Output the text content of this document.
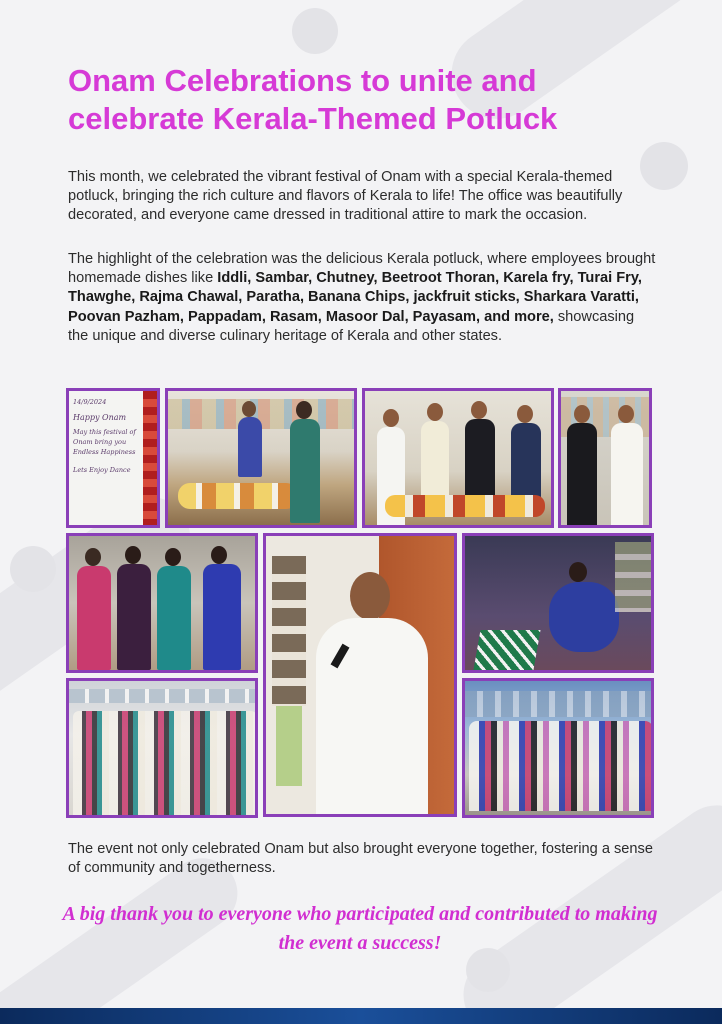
Onam Celebrations to unite and celebrate Kerala-Themed Potluck

This month, we celebrated the vibrant festival of Onam with a special Kerala-themed potluck, bringing the rich culture and flavors of Kerala to life! The office was beautifully decorated, and everyone came dressed in traditional attire to mark the occasion.

The highlight of the celebration was the delicious Kerala potluck, where employees brought homemade dishes like Iddli, Sambar, Chutney, Beetroot Thoran, Karela fry, Turai Fry, Thawghe, Rajma Chawal, Paratha, Banana Chips, jackfruit sticks, Sharkara Varatti, Poovan Pazham, Pappadam, Rasam, Masoor Dal, Payasam, and more, showcasing the unique and diverse culinary heritage of Kerala and other states.

14/9/2024
Happy Onam
May this festival of Onam bring you Endless Happiness
Lets Enjoy Dance

The event not only celebrated Onam but also brought everyone together, fostering a sense of community and togetherness.

A big thank you to everyone who participated and contributed to making the event a success!
